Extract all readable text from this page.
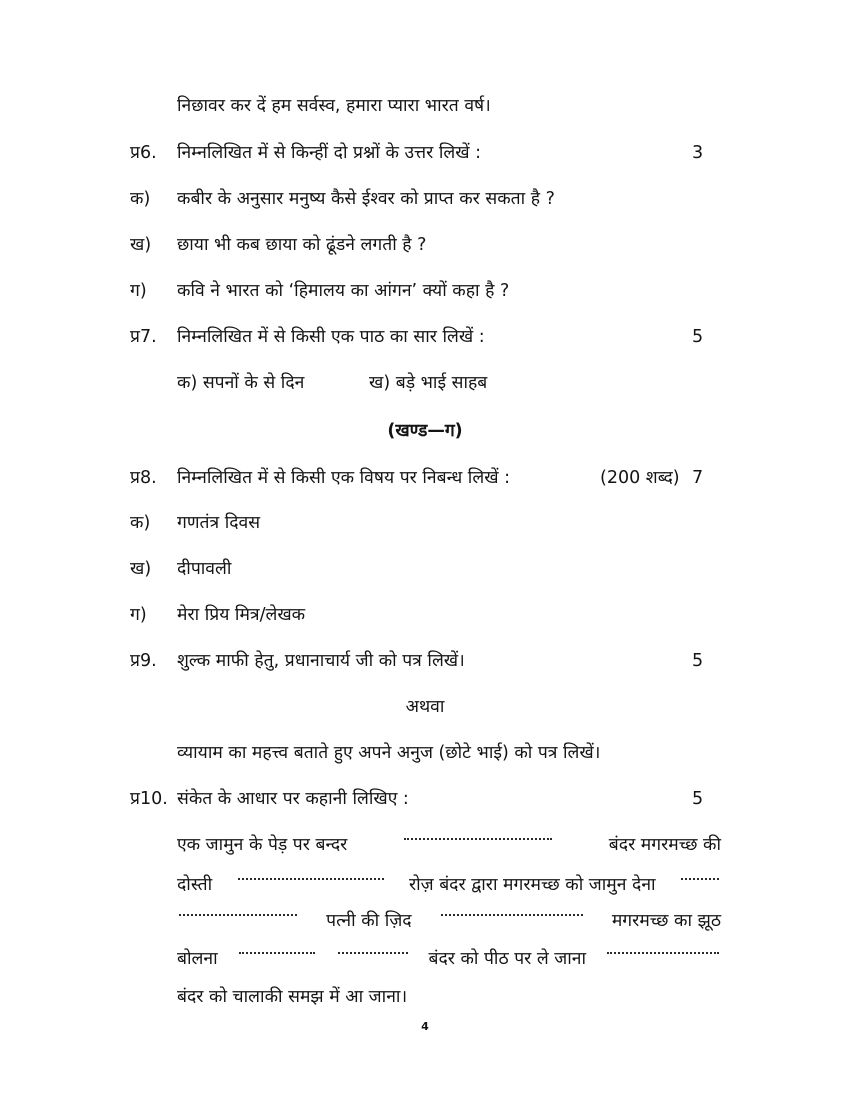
निछावर कर दें हम सर्वस्व, हमारा प्यारा भारत वर्ष।
प्र6. निम्नलिखित में से किन्हीं दो प्रश्नों के उत्तर लिखें :	3
क) कबीर के अनुसार मनुष्य कैसे ईश्वर को प्राप्त कर सकता है ?
ख) छाया भी कब छाया को ढूंडने लगती है ?
ग) कवि ने भारत को ‘हिमालय का आंगन’ क्यों कहा है ?
प्र7. निम्नलिखित में से किसी एक पाठ का सार लिखें :	5
क) सपनों के से दिन	ख) बड़े भाई साहब
(खण्ड—ग)
प्र8. निम्नलिखित में से किसी एक विषय पर निबन्ध लिखें :	(200 शब्द) 7
क) गणतंत्र दिवस
ख) दीपावली
ग) मेरा प्रिय मित्र/लेखक
प्र9. शुल्क माफी हेतु, प्रधानाचार्य जी को पत्र लिखें।	5
अथवा
व्यायाम का महत्त्व बताते हुए अपने अनुज (छोटे भाई) को पत्र लिखें।
प्र10. संकेत के आधार पर कहानी लिखिए :	5
एक जामुन के पेड़ पर बन्दर	बंदर मगरमच्छ की
दोस्ती	रोज़ बंदर द्वारा मगरमच्छ को जामुन देना
पत्नी की ज़िद	मगरमच्छ का झूठ
बोलना	बंदर को पीठ पर ले जाना
बंदर को चालाकी समझ में आ जाना।
4
